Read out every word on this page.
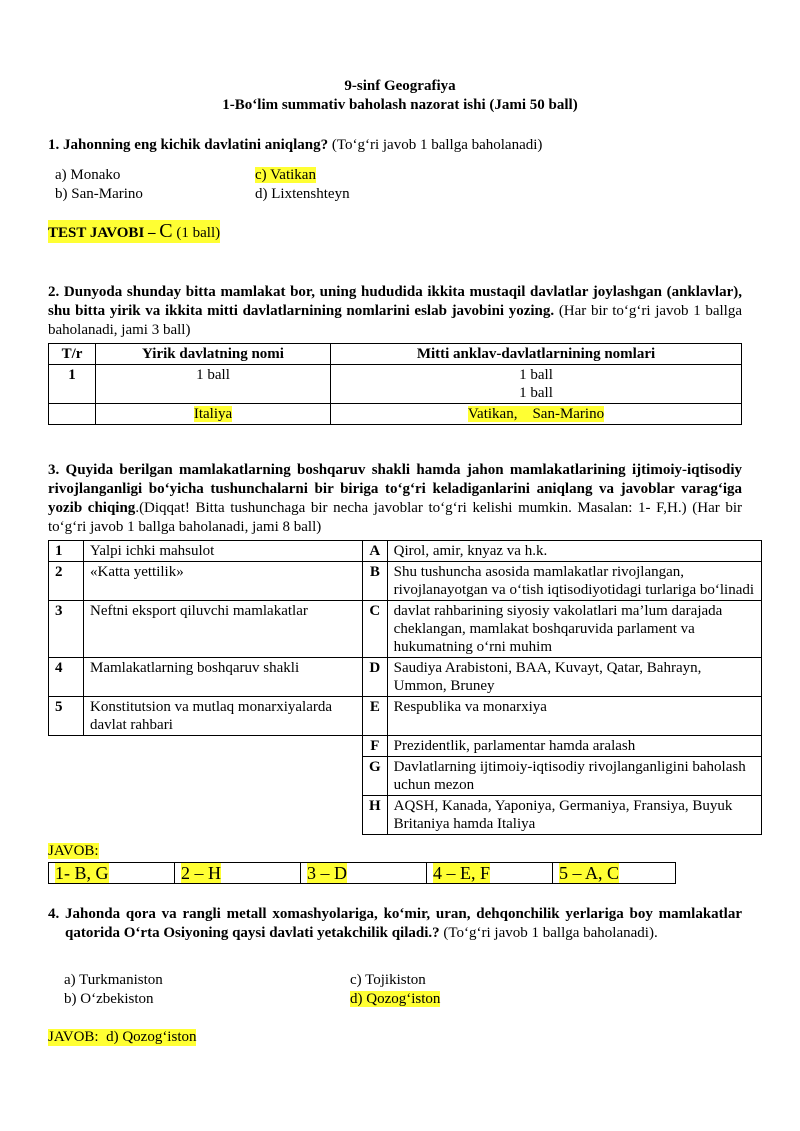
9-sinf Geografiya
1-Bo‘lim summativ baholash nazorat ishi (Jami 50 ball)
1. Jahonning eng kichik davlatini aniqlang? (To‘g‘ri javob 1 ballga baholanadi)
a) Monako
b) San-Marino
c) Vatikan
d) Lixtenshteyn
TEST JAVOBI – C (1 ball)
2. Dunyoda shunday bitta mamlakat bor, uning hududida ikkita mustaqil davlatlar joylashgan (anklavlar), shu bitta yirik va ikkita mitti davlatlarnining nomlarini eslab javobini yozing. (Har bir to‘g‘ri javob 1 ballga baholanadi, jami 3 ball)
T/r	Yirik davlatning nomi	Mitti anklav-davlatlarnining nomlari
1	1 ball	1 ball
1 ball

	Italiya	Vatikan,    San-Marino
3. Quyida berilgan mamlakatlarning boshqaruv shakli hamda jahon mamlakatlarining ijtimoiy-iqtisodiy rivojlanganligi bo‘yicha tushunchalarni bir biriga to‘g‘ri keladiganlarini aniqlang va javoblar varag‘iga yozib chiqing.(Diqqat! Bitta tushunchaga bir necha javoblar to‘g‘ri kelishi mumkin. Masalan: 1- F,H.) (Har bir to‘g‘ri javob 1 ballga baholanadi, jami 8 ball)
1	Yalpi ichki mahsulot	A	Qirol, amir, knyaz va h.k.
2	«Katta yettilik»	B	Shu tushuncha asosida mamlakatlar rivojlangan, rivojlanayotgan va o‘tish iqtisodiyotidagi turlariga bo‘linadi
3	Neftni eksport qiluvchi mamlakatlar	C	davlat rahbarining siyosiy vakolatlari ma’lum darajada cheklangan, mamlakat boshqaruvida parlament va hukumatning o‘rni muhim
4	Mamlakatlarning boshqaruv shakli	D	Saudiya Arabistoni, BAA, Kuvayt, Qatar, Bahrayn, Ummon, Bruney
5	Konstitutsion va mutlaq monarxiyalarda davlat rahbari	E	Respublika va monarxiya
		F	Prezidentlik, parlamentar hamda aralash
		G	Davlatlarning ijtimoiy-iqtisodiy rivojlanganligini baholash uchun mezon
		H	AQSH, Kanada, Yaponiya, Germaniya, Fransiya, Buyuk Britaniya hamda Italiya
JAVOB:
1- B, G	2 – H	3 – D	4 – E, F	5 – A, C
4. Jahonda qora va rangli metall xomashyolariga, ko‘mir, uran, dehqonchilik yerlariga boy mamlakatlar qatorida O‘rta Osiyoning qaysi davlati yetakchilik qiladi.? (To‘g‘ri javob 1 ballga baholanadi).
a) Turkmaniston
b) O‘zbekiston
c) Tojikiston
d) Qozog‘iston
JAVOB: d) Qozog‘iston
